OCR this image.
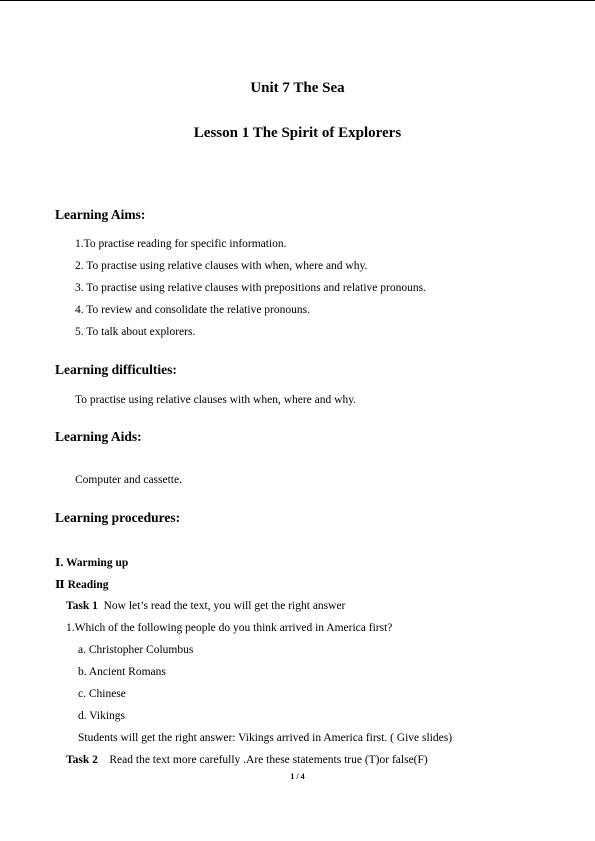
Unit 7 The Sea
Lesson 1 The Spirit of Explorers
Learning Aims:
1.To practise reading for specific information.
2. To practise using relative clauses with when, where and why.
3. To practise using relative clauses with prepositions and relative pronouns.
4. To review and consolidate the relative pronouns.
5. To talk about explorers.
Learning difficulties:
To practise using relative clauses with when, where and why.
Learning Aids:
Computer and cassette.
Learning procedures:
Ⅰ. Warming up
Ⅱ Reading
Task 1 Now let’s read the text, you will get the right answer
1.Which of the following people do you think arrived in America first?
a. Christopher Columbus
b. Ancient Romans
c. Chinese
d. Vikings
Students will get the right answer: Vikings arrived in America first. ( Give slides)
Task 2 Read the text more carefully .Are these statements true (T)or false(F)
1 / 4
